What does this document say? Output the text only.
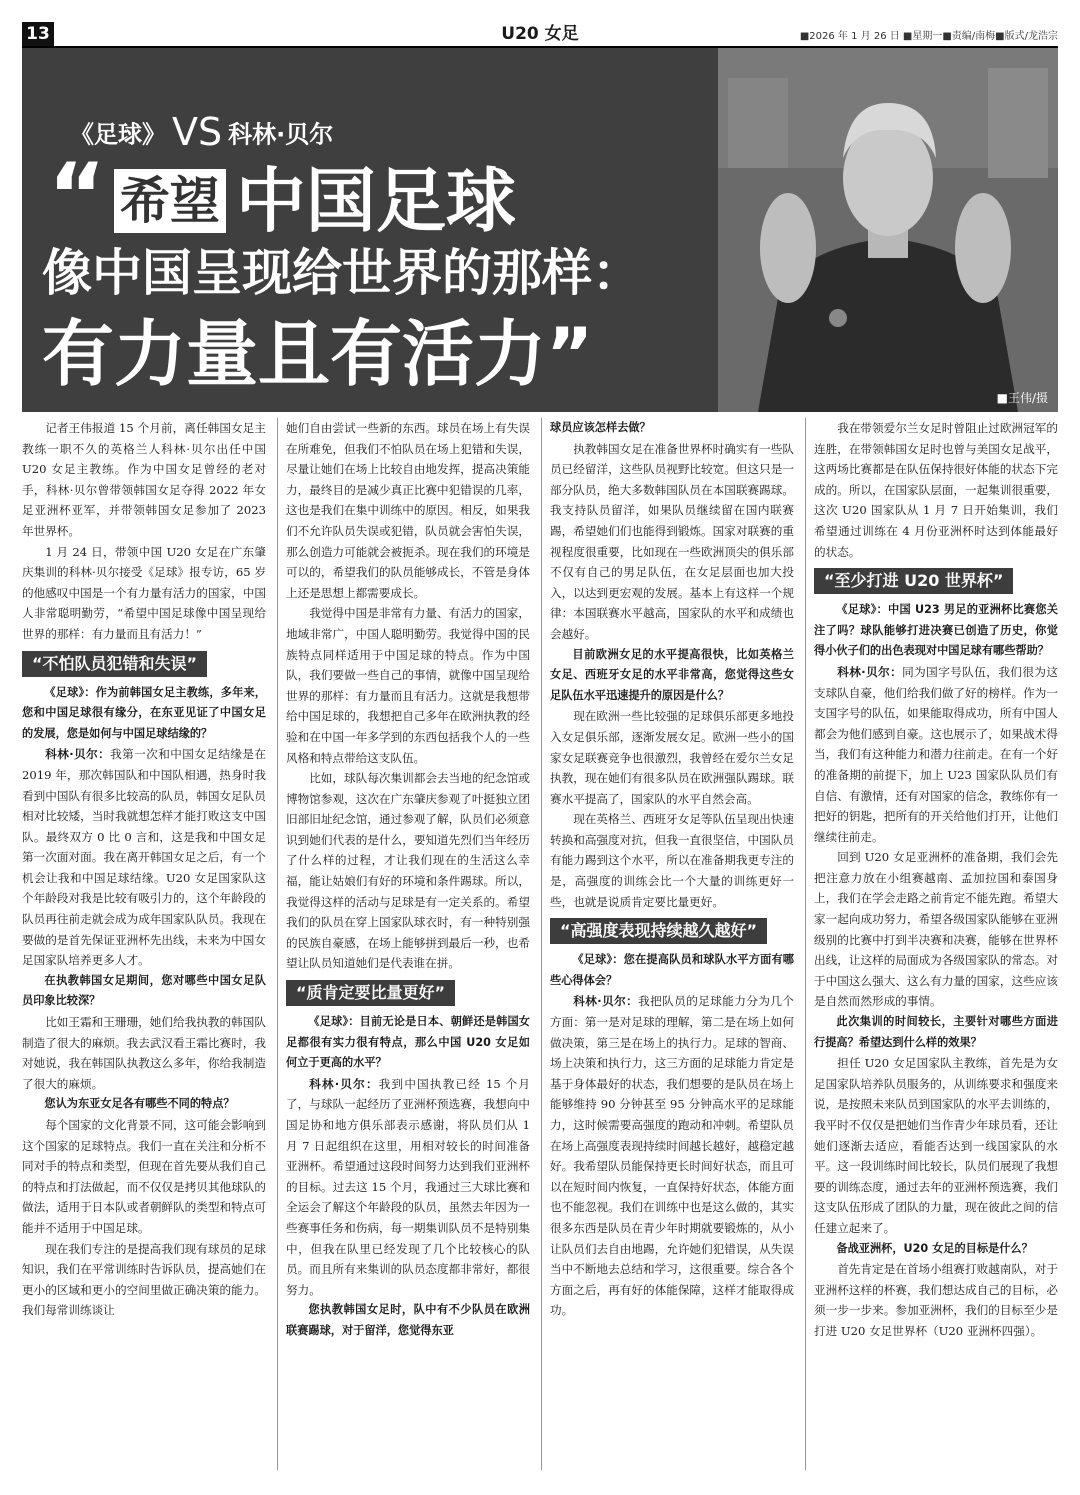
13	U20 女足	■2026 年 1 月 26 日 ■星期一■责编/南梅■版式/龙浩宗
■王伟/摄
《足球》 VS 科林·贝尔
“ 希望 中国足球
像中国呈现给世界的那样：
有力量且有活力”

记者王伟报道 15 个月前，离任韩国女足主教练一职不久的英格兰人科林·贝尔出任中国 U20 女足主教练。作为中国女足曾经的老对手，科林·贝尔曾带领韩国女足夺得 2022 年女足亚洲杯亚军，并带领韩国女足参加了 2023 年世界杯。

1 月 24 日，带领中国 U20 女足在广东肇庆集训的科林·贝尔接受《足球》报专访，65 岁的他感叹中国是一个有力量有活力的国家，中国人非常聪明勤劳，“希望中国足球像中国呈现给世界的那样：有力量而且有活力！”

“不怕队员犯错和失误”

《足球》：作为前韩国女足主教练，多年来，您和中国足球很有缘分，在东亚见证了中国女足的发展，您是如何与中国足球结缘的？

科林·贝尔：我第一次和中国女足结缘是在 2019 年，那次韩国队和中国队相遇，热身时我看到中国队有很多比较高的队员，韩国女足队员相对比较矮，当时我就想怎样才能打败这支中国队。最终双方 0 比 0 言和，这是我和中国女足第一次面对面。我在离开韩国女足之后，有一个机会让我和中国足球结缘。U20 女足国家队这个年龄段对我是比较有吸引力的，这个年龄段的队员再往前走就会成为成年国家队队员。我现在要做的是首先保证亚洲杯先出线，未来为中国女足国家队培养更多人才。

在执教韩国女足期间，您对哪些中国女足队员印象比较深？

比如王霜和王珊珊，她们给我执教的韩国队制造了很大的麻烦。我去武汉看王霜比赛时，我对她说，我在韩国队执教这么多年，你给我制造了很大的麻烦。

您认为东亚女足各有哪些不同的特点？

每个国家的文化背景不同，这可能会影响到这个国家的足球特点。我们一直在关注和分析不同对手的特点和类型，但现在首先要从我们自己的特点和打法做起，而不仅仅是拷贝其他球队的做法，适用于日本队或者朝鲜队的类型和特点可能并不适用于中国足球。

现在我们专注的是提高我们现有球员的足球知识，我们在平常训练时告诉队员，提高她们在更小的区域和更小的空间里做正确决策的能力。我们每常训练谈让

她们自由尝试一些新的东西。球员在场上有失误在所难免，但我们不怕队员在场上犯错和失误，尽量让她们在场上比较自由地发挥，提高决策能力，最终目的是减少真正比赛中犯错误的几率，这也是我们在集中训练中的原因。相反，如果我们不允许队员失误或犯错，队员就会害怕失误，那么创造力可能就会被扼杀。现在我们的环境是可以的，希望我们的队员能够成长，不管是身体上还是思想上都需要成长。

我觉得中国是非常有力量、有活力的国家，地域非常广，中国人聪明勤劳。我觉得中国的民族特点同样适用于中国足球的特点。作为中国队，我们要做一些自己的事情，就像中国呈现给世界的那样：有力量而且有活力。这就是我想带给中国足球的，我想把自己多年在欧洲执教的经验和在中国一年多学到的东西包括我个人的一些风格和特点带给这支队伍。

比如，球队每次集训都会去当地的纪念馆或博物馆参观，这次在广东肇庆参观了叶挺独立团旧部旧址纪念馆，通过参观了解，队员们必须意识到她们代表的是什么，要知道先烈们当年经历了什么样的过程，才让我们现在的生活这么幸福，能让姑娘们有好的环境和条件踢球。所以，我觉得这样的活动与足球是有一定关系的。希望我们的队员在穿上国家队球衣时，有一种特别强的民族自豪感，在场上能够拼到最后一秒，也希望让队员知道她们是代表谁在拼。

“质肯定要比量更好”

《足球》：目前无论是日本、朝鲜还是韩国女足都很有实力很有特点，那么中国 U20 女足如何立于更高的水平？

科林·贝尔：我到中国执教已经 15 个月了，与球队一起经历了亚洲杯预选赛，我想向中国足协和地方俱乐部表示感谢，将队员们从 1 月 7 日起组织在这里，用相对较长的时间准备亚洲杯。希望通过这段时间努力达到我们亚洲杯的目标。过去这 15 个月，我通过三大球比赛和全运会了解这个年龄段的队员，虽然去年因为一些赛事任务和伤病，每一期集训队员不是特别集中，但我在队里已经发现了几个比较核心的队员。而且所有来集训的队员态度都非常好，都很努力。

您执教韩国女足时，队中有不少队员在欧洲联赛踢球，对于留洋，您觉得东亚

球员应该怎样去做？

执教韩国女足在准备世界杯时确实有一些队员已经留洋，这些队员视野比较宽。但这只是一部分队员，绝大多数韩国队员在本国联赛踢球。我支持队员留洋，如果队员继续留在国内联赛踢，希望她们们也能得到锻炼。国家对联赛的重视程度很重要，比如现在一些欧洲顶尖的俱乐部不仅有自己的男足队伍，在女足层面也加大投入，以达到更宏观的发展。基本上有这样一个规律：本国联赛水平越高，国家队的水平和成绩也会越好。

目前欧洲女足的水平提高很快，比如英格兰女足、西班牙女足的水平非常高，您觉得这些女足队伍水平迅速提升的原因是什么？

现在欧洲一些比较强的足球俱乐部更多地投入女足俱乐部，逐渐发展女足。欧洲一些小的国家女足联赛竞争也很激烈，我曾经在爱尔兰女足执教，现在她们有很多队员在欧洲强队踢球。联赛水平提高了，国家队的水平自然会高。

现在英格兰、西班牙女足等队伍呈现出快速转换和高强度对抗，但我一直很坚信，中国队员有能力踢到这个水平，所以在准备期我更专注的是，高强度的训练会比一个大量的训练更好一些，也就是说质肯定要比量更好。

“高强度表现持续越久越好”

《足球》：您在提高队员和球队水平方面有哪些心得体会？

科林·贝尔：我把队员的足球能力分为几个方面：第一是对足球的理解，第二是在场上如何做决策，第三是在场上的执行力。足球的智商、场上决策和执行力，这三方面的足球能力肯定是基于身体最好的状态，我们想要的是队员在场上能够维持 90 分钟甚至 95 分钟高水平的足球能力，这时候需要高强度的跑动和冲刺。希望队员在场上高强度表现持续时间越长越好，越稳定越好。我希望队员能保持更长时间好状态，而且可以在短时间内恢复，一直保持好状态，体能方面也不能忽视。我们在训练中也是这么做的，其实很多东西是队员在青少年时期就要锻炼的，从小让队员们去自由地踢，允许她们犯错误，从失误当中不断地去总结和学习，这很重要。综合各个方面之后，再有好的体能保障，这样才能取得成功。

我在带领爱尔兰女足时曾阻止过欧洲冠军的连胜，在带领韩国女足时也曾与美国女足战平，这两场比赛都是在队伍保持很好体能的状态下完成的。所以，在国家队层面，一起集训很重要，这次 U20 国家队从 1 月 7 日开始集训，我们希望通过训练在 4 月份亚洲杯时达到体能最好的状态。

“至少打进 U20 世界杯”

《足球》：中国 U23 男足的亚洲杯比赛您关注了吗？球队能够打进决赛已创造了历史，你觉得小伙子们的出色表现对中国足球有哪些帮助？

科林·贝尔：同为国字号队伍，我们很为这支球队自豪，他们给我们做了好的榜样。作为一支国字号的队伍，如果能取得成功，所有中国人都会为他们感到自豪。这也展示了，如果战术得当，我们有这种能力和潜力往前走。在有一个好的准备期的前提下，加上 U23 国家队队员们有自信、有激情，还有对国家的信念，教练你有一把好的钥匙，把所有的开关给他们打开，让他们继续往前走。

回到 U20 女足亚洲杯的准备期，我们会先把注意力放在小组赛越南、孟加拉国和泰国身上，我们在学会走路之前肯定不能先跑。希望大家一起向成功努力，希望各级国家队能够在亚洲级别的比赛中打到半决赛和决赛，能够在世界杯出线，让这样的局面成为各级国家队的常态。对于中国这么强大、这么有力量的国家，这些应该是自然而然形成的事情。

此次集训的时间较长，主要针对哪些方面进行提高？希望达到什么样的效果？

担任 U20 女足国家队主教练，首先是为女足国家队培养队员服务的，从训练要求和强度来说，是按照未来队员到国家队的水平去训练的，我平时不仅仅是把她们当作青少年球员看，还让她们逐渐去适应，看能否达到一线国家队的水平。这一段训练时间比较长，队员们展现了我想要的训练态度，通过去年的亚洲杯预选赛，我们这支队伍形成了团队的力量，现在彼此之间的信任建立起来了。

备战亚洲杯，U20 女足的目标是什么？

首先肯定是在首场小组赛打败越南队，对于亚洲杯这样的杯赛，我们想达成自己的目标，必须一步一步来。参加亚洲杯，我们的目标至少是打进 U20 女足世界杯（U20 亚洲杯四强）。
